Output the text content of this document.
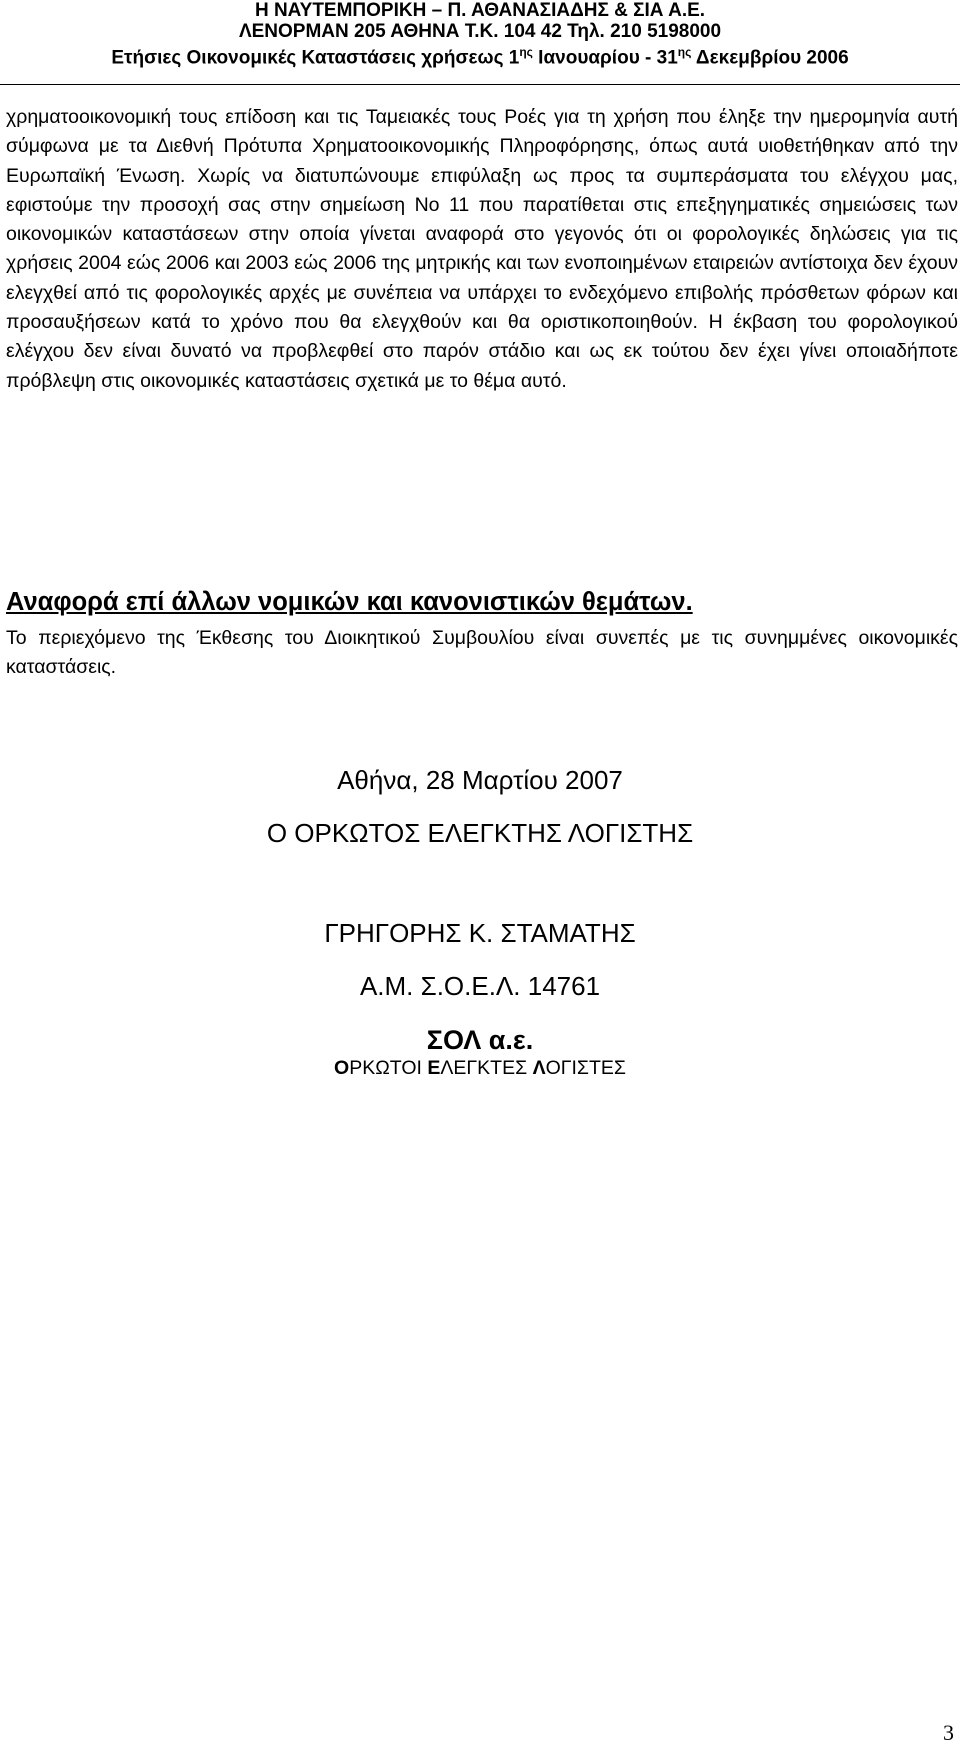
Η ΝΑΥΤΕΜΠΟΡΙΚΗ – Π. ΑΘΑΝΑΣΙΑΔΗΣ & ΣΙΑ Α.Ε.
ΛΕΝΟΡΜΑΝ 205 ΑΘΗΝΑ Τ.Κ. 104 42 Τηλ. 210 5198000
Ετήσιες Οικονομικές Καταστάσεις χρήσεως $1^{\eta\varsigma}$ Ιανουαρίου - $31^{\eta\varsigma}$ Δεκεμβρίου 2006

χρηματοοικονομική τους επίδοση και τις Ταμειακές τους Ροές για τη χρήση που έληξε την ημερομηνία αυτή σύμφωνα με τα Διεθνή Πρότυπα Χρηματοοικονομικής Πληροφόρησης, όπως αυτά υιοθετήθηκαν από την Ευρωπαϊκή Ένωση. Χωρίς να διατυπώνουμε επιφύλαξη ως προς τα συμπεράσματα του ελέγχου μας, εφιστούμε την προσοχή σας στην σημείωση Νο 11 που παρατίθεται στις επεξηγηματικές σημειώσεις των οικονομικών καταστάσεων στην οποία γίνεται αναφορά στο γεγονός ότι οι φορολογικές δηλώσεις για τις χρήσεις 2004 εώς 2006 και 2003 εώς 2006 της μητρικής και των ενοποιημένων εταιρειών αντίστοιχα δεν έχουν ελεγχθεί από τις φορολογικές αρχές με συνέπεια να υπάρχει το ενδεχόμενο επιβολής πρόσθετων φόρων και προσαυξήσεων κατά το χρόνο που θα ελεγχθούν και θα οριστικοποιηθούν. Η έκβαση του φορολογικού ελέγχου δεν είναι δυνατό να προβλεφθεί στο παρόν στάδιο και ως εκ τούτου δεν έχει γίνει οποιαδήποτε πρόβλεψη στις οικονομικές καταστάσεις σχετικά με το θέμα αυτό.

Αναφορά επί άλλων νομικών και κανονιστικών θεμάτων.

Το περιεχόμενο της Έκθεσης του Διοικητικού Συμβουλίου είναι συνεπές με τις συνημμένες οικονομικές καταστάσεις.

Αθήνα, 28 Μαρτίου 2007

Ο ΟΡΚΩΤΟΣ ΕΛΕΓΚΤΗΣ ΛΟΓΙΣΤΗΣ

ΓΡΗΓΟΡΗΣ Κ. ΣΤΑΜΑΤΗΣ

Α.Μ. Σ.Ο.Ε.Λ. 14761

ΣΟΛ α.ε.

ΟΡΚΩΤΟΙ ΕΛΕΓΚΤΕΣ ΛΟΓΙΣΤΕΣ

3
